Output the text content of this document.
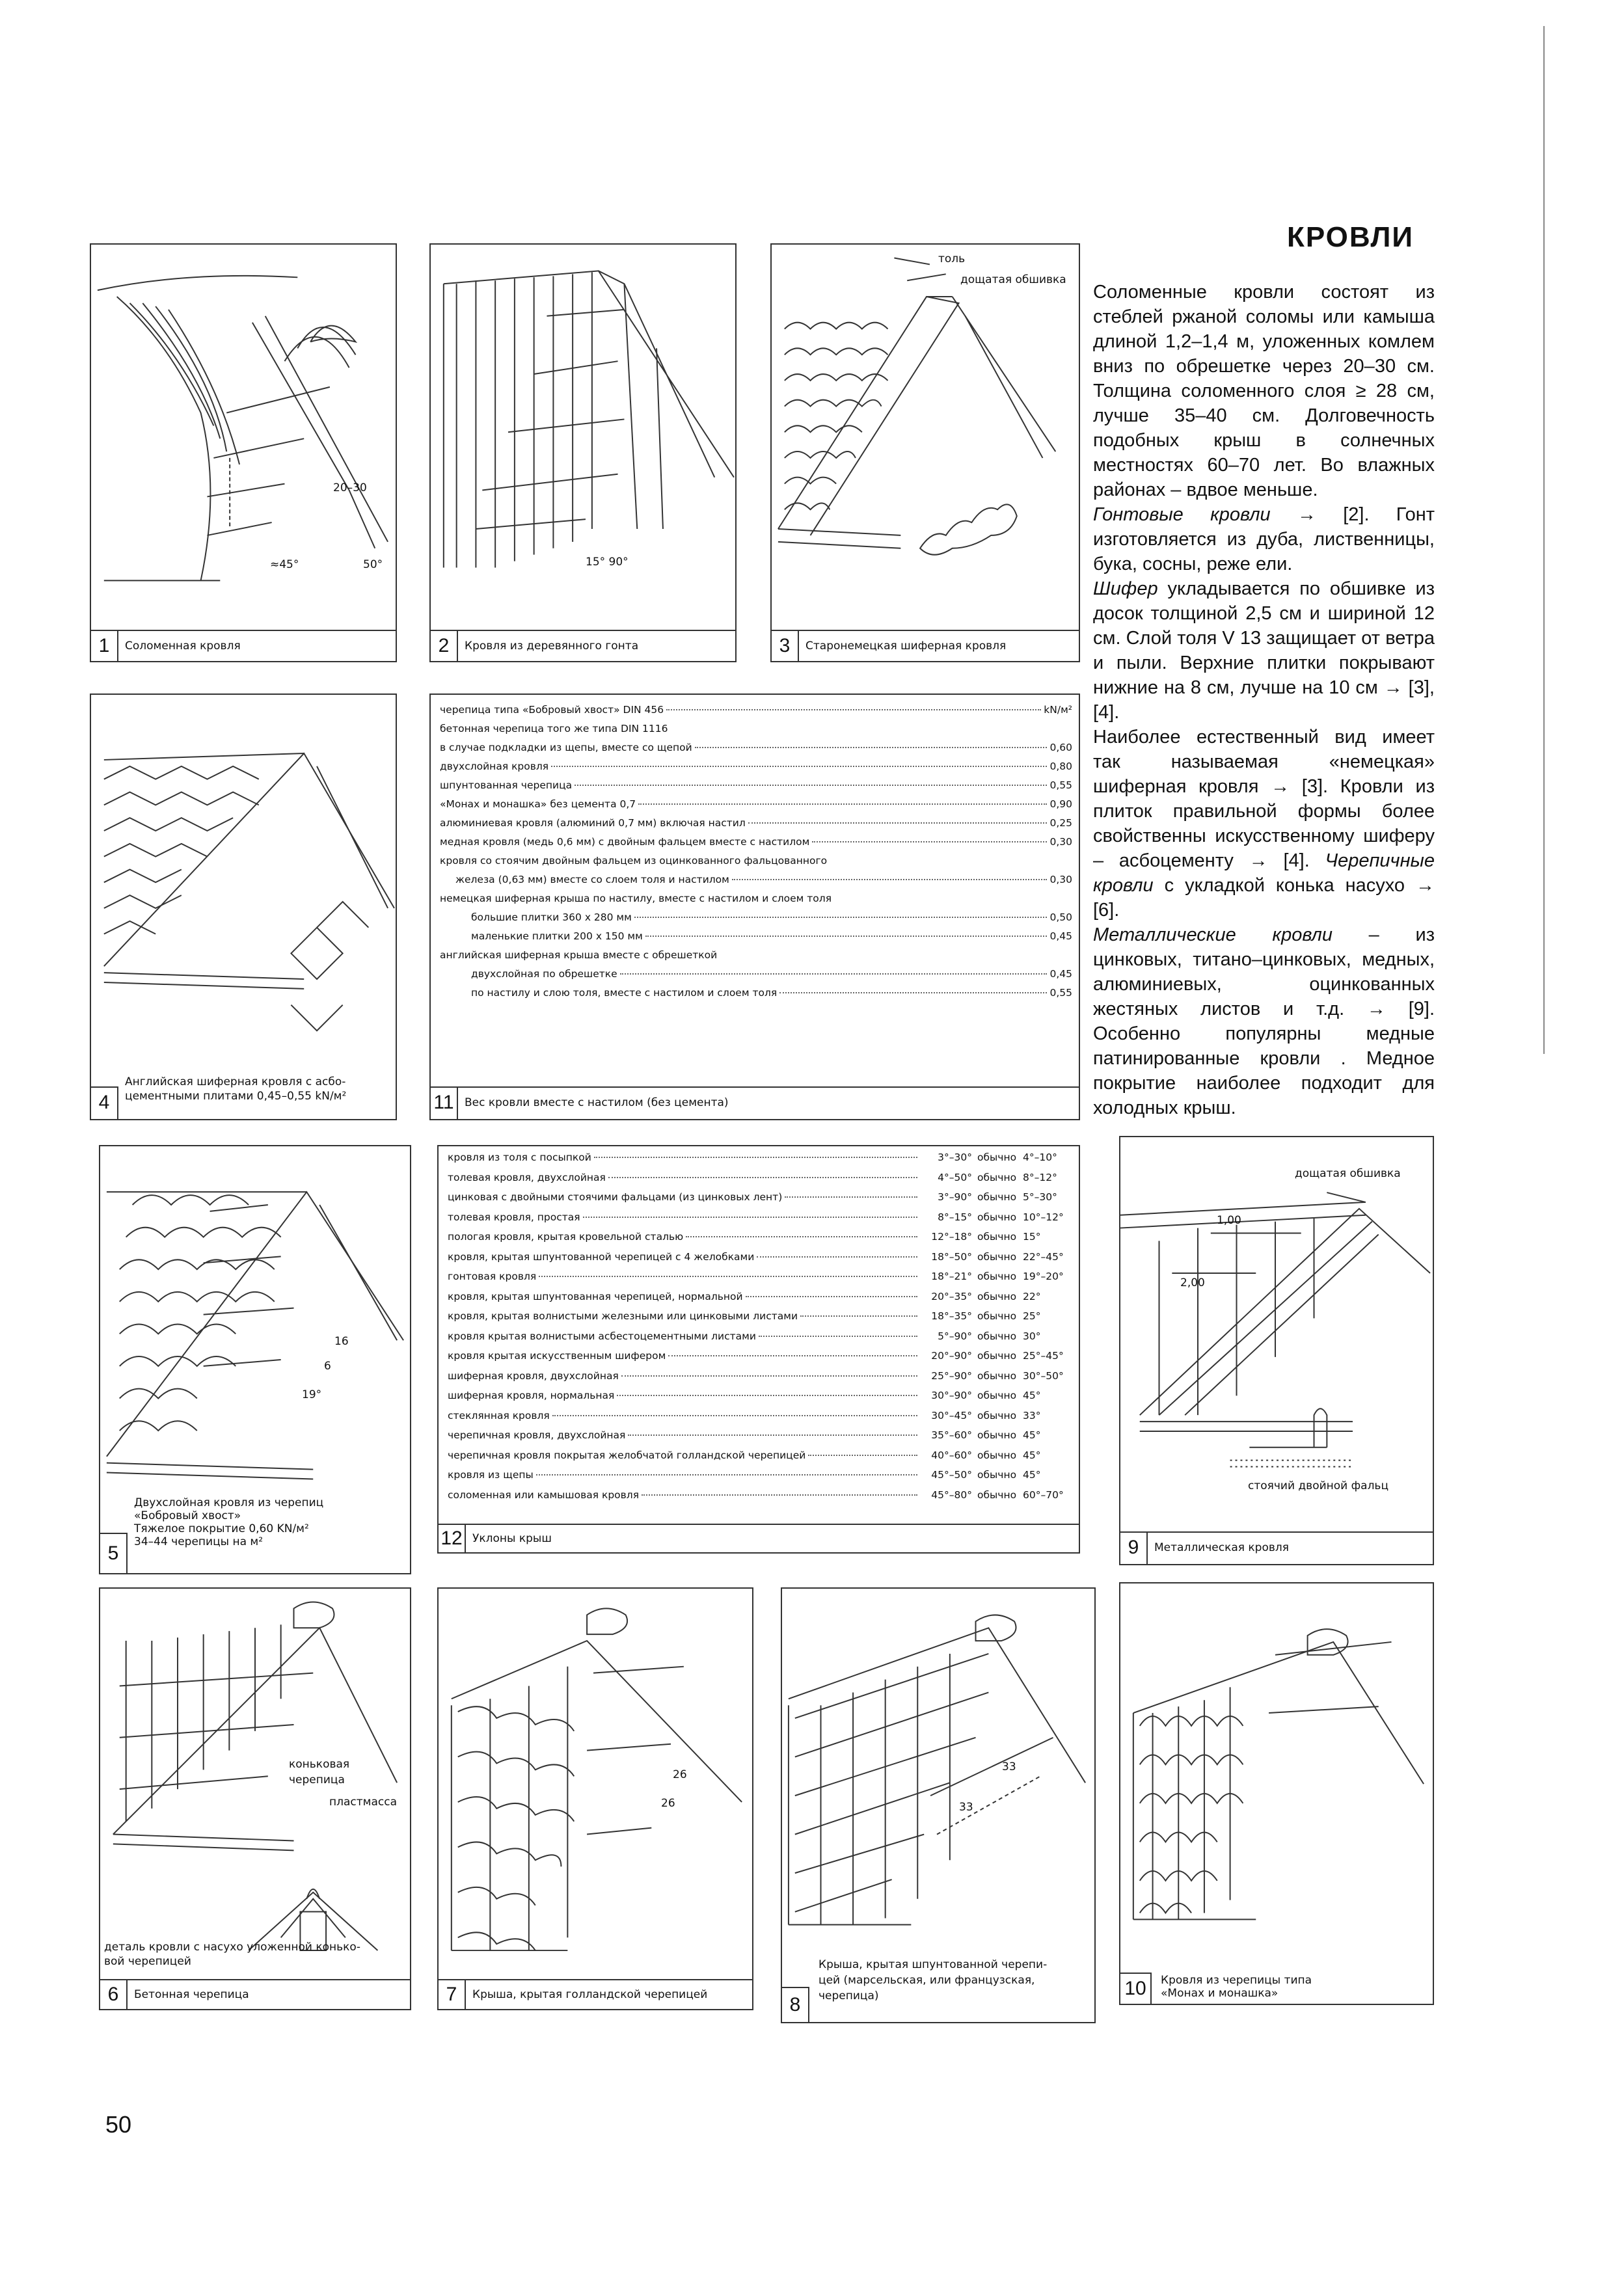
20–30
≈45°	50°
1	Соломенная кровля
15° 90°
2	Кровля из деревянного гонта
толь
дощатая обшивка
3	Старонемецкая шиферная кровля
КРОВЛИ

Соломенные кровли состоят из стеблей ржаной соломы или камыша длиной 1,2–1,4 м, уложенных комлем вниз по обрешетке через 20–30 см. Толщина соломенного слоя ≥ 28 см, лучше 35–40 см. Долговечность подобных крыш в солнечных местностях 60–70 лет. Во влажных районах – вдвое меньше.

Гонтовые кровли → [2]. Гонт изготовляется из дуба, лиственницы, бука, сосны, реже ели.

Шифер укладывается по обшивке из досок толщиной 2,5 см и шириной 12 см. Слой толя V 13 защищает от ветра и пыли. Верхние плитки покрывают нижние на 8 см, лучше на 10 см → [3], [4].

Наиболее естественный вид имеет так называемая «немецкая» шиферная кровля → [3]. Кровли из плиток правильной формы более свойственны искусственному шиферу – асбоцементу → [4]. Черепичные кровли с укладкой конька насухо → [6].

Металлические кровли – из цинковых, титано–цинковых, медных, алюминиевых, оцинкованных жестяных листов и т.д. → [9]. Особенно популярны медные патинированные кровли . Медное покрытие наиболее подходит для холодных крыш.

Английская шиферная кровля с асбо-
цементными плитами 0,45–0,55 kN/м²
4
черепица типа «Бобровый хвост» DIN 456	kN/м²
бетонная черепица того же типа DIN 1116
в случае подкладки из щепы, вместе со щепой	0,60
двухслойная кровля	0,80
шпунтованная черепица	0,55
«Монах и монашка» без цемента 0,7	0,90
алюминиевая кровля (алюминий 0,7 мм) включая настил	0,25
медная кровля (медь 0,6 мм) с двойным фальцем вместе с настилом	0,30
кровля со стоячим двойным фальцем из оцинкованного фальцованного
железа (0,63 мм) вместе со слоем толя и настилом	0,30
немецкая шиферная крыша по настилу, вместе с настилом и слоем толя
большие плитки 360 х 280 мм	0,50
маленькие плитки 200 х 150 мм	0,45
английская шиферная крыша вместе с обрешеткой
двухслойная по обрешетке	0,45
по настилу и слою толя, вместе с настилом и слоем толя	0,55
11 Вес кровли вместе с настилом (без цемента)
16
6
19°
Двухслойная кровля из черепиц
«Бобровый хвост»
Тяжелое покрытие 0,60 KN/м²
34–44 черепицы на м²
5
кровля из толя с посыпкой	3°–30° обычно 4°–10°
толевая кровля, двухслойная	4°–50° обычно 8°–12°
цинковая с двойными стоячими фальцами (из цинковых лент)	3°–90° обычно 5°–30°
толевая кровля, простая	8°–15° обычно 10°–12°
пологая кровля, крытая кровельной сталью	12°–18° обычно 15°
кровля, крытая шпунтованной черепицей с 4 желобками	18°–50° обычно 22°–45°
гонтовая кровля	18°–21° обычно 19°–20°
кровля, крытая шпунтованная черепицей, нормальной	20°–35° обычно 22°
кровля, крытая волнистыми железными или цинковыми листами	18°–35° обычно 25°
кровля крытая волнистыми асбестоцементными листами	5°–90° обычно 30°
кровля крытая искусственным шифером	20°–90° обычно 25°–45°
шиферная кровля, двухслойная	25°–90° обычно 30°–50°
шиферная кровля, нормальная	30°–90° обычно 45°
стеклянная кровля	30°–45° обычно 33°
черепичная кровля, двухслойная	35°–60° обычно 45°
черепичная кровля покрытая желобчатой голландской черепицей	40°–60° обычно 45°
кровля из щепы	45°–50° обычно 45°
соломенная или камышовая кровля	45°–80° обычно 60°–70°
12 Уклоны крыш
дощатая обшивка
1,00
2,00
стоячий двойной фальц
9	Металлическая кровля
коньковая
черепица
пластмасса
деталь кровли с насухо уложенной конько-
вой черепицей
6	Бетонная черепица
26
26
7	Крыша, крытая голландской черепицей
33
33
Крыша, крытая шпунтованной черепи-
цей (марсельская, или французская,
черепица)
8
Кровля из черепицы типа
«Монах и монашка»
10
50
